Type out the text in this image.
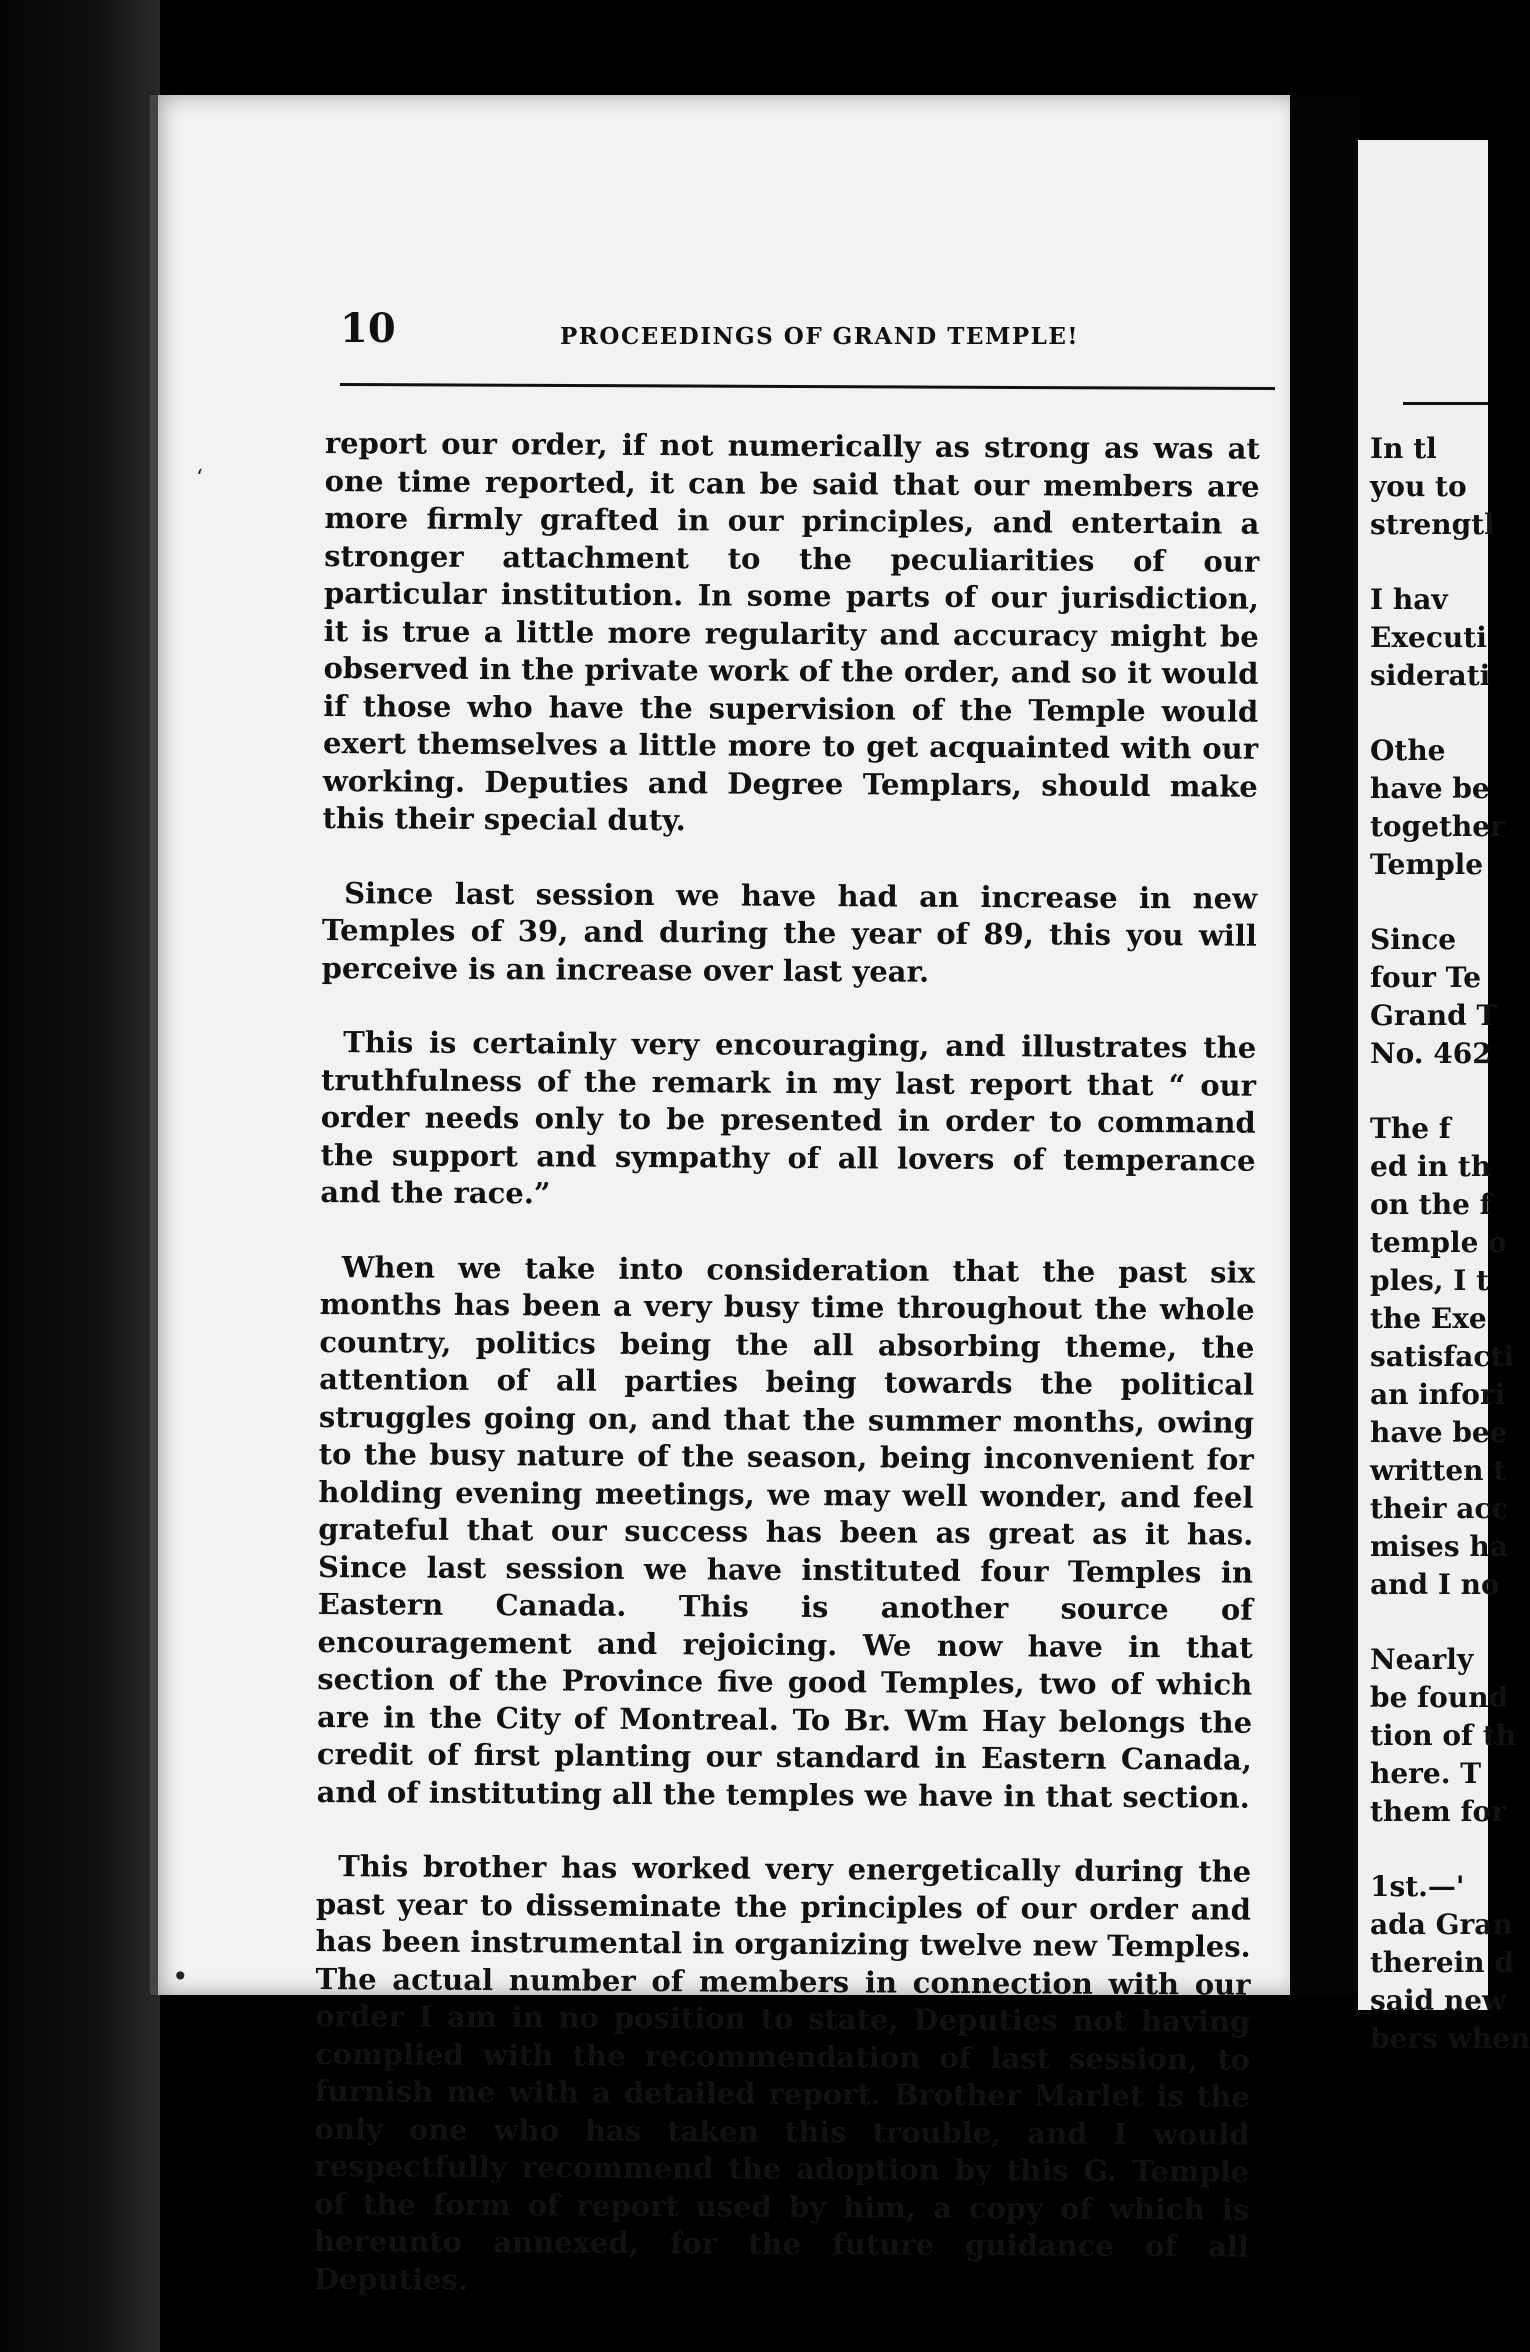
In tl
you to
strengtl
I hav
Executi
siderati
Othe
have be
together
Temple
Since
four Te
Grand T
No. 462
The f
ed in th
on the f
temple o
ples, I t
the Exe
satisfacti
an infori
have bee
written t
their acc
mises ha
and I no
Nearly
be found
tion of th
here. T
them for
1st.—'
ada Gran
therein d
said new
bers when
10	PROCEEDINGS OF GRAND TEMPLE!

report our order, if not numerically as strong as was at one time reported, it can be said that our members are more firmly grafted in our principles, and entertain a stronger attachment to the peculiarities of our particular institution. In some parts of our jurisdiction, it is true a little more regularity and accuracy might be observed in the private work of the order, and so it would if those who have the supervision of the Temple would exert themselves a little more to get acquainted with our working. Deputies and Degree Templars, should make this their special duty.

Since last session we have had an increase in new Temples of 39, and during the year of 89, this you will perceive is an increase over last year.

This is certainly very encouraging, and illustrates the truthfulness of the remark in my last report that “ our order needs only to be presented in order to command the support and sympathy of all lovers of temperance and the race.”

When we take into consideration that the past six months has been a very busy time throughout the whole country, politics being the all absorbing theme, the attention of all parties being towards the political struggles going on, and that the summer months, owing to the busy nature of the season, being inconvenient for holding evening meetings, we may well wonder, and feel grateful that our success has been as great as it has. Since last session we have instituted four Temples in Eastern Canada. This is another source of encouragement and rejoicing. We now have in that section of the Province five good Temples, two of which are in the City of Montreal. To Br. Wm Hay belongs the credit of first planting our standard in Eastern Canada, and of instituting all the temples we have in that section.

This brother has worked very energetically during the past year to disseminate the principles of our order and has been instrumental in organizing twelve new Temples. The actual number of members in connection with our order I am in no position to state, Deputies not having complied with the recommendation of last session, to furnish me with a detailed report. Brother Marlet is the only one who has taken this trouble, and I would respectfully recommend the adoption by this G. Temple of the form of report used by him, a copy of which is hereunto annexed, for the future guidance of all Deputies.

‘
•
